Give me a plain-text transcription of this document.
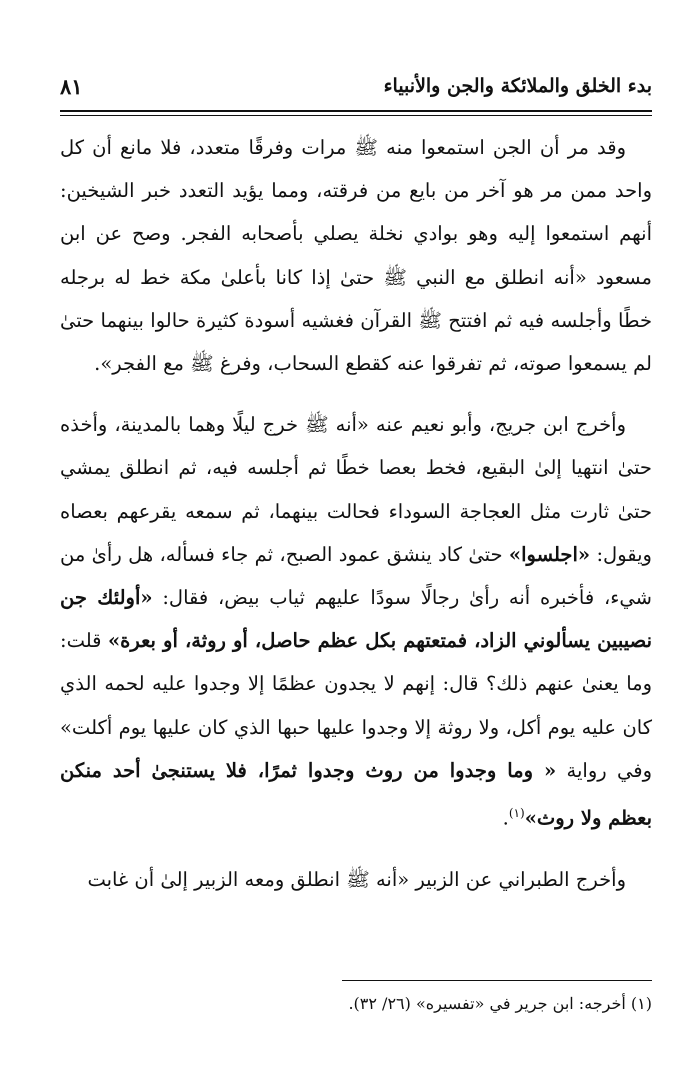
بدء الخلق والملائكة والجن والأنبياء
٨١

وقد مر أن الجن استمعوا منه ﷺ مرات وفرقًا متعدد، فلا مانع أن كل واحد ممن مر هو آخر من بايع من فرقته، ومما يؤيد التعدد خبر الشيخين: أنهم استمعوا إليه وهو بوادي نخلة يصلي بأصحابه الفجر. وصح عن ابن مسعود «أنه انطلق مع النبي ﷺ حتىٰ إذا كانا بأعلىٰ مكة خط له برجله خطًا وأجلسه فيه ثم افتتح ﷺ القرآن فغشيه أسودة كثيرة حالوا بينهما حتىٰ لم يسمعوا صوته، ثم تفرقوا عنه كقطع السحاب، وفرغ ﷺ مع الفجر».

وأخرج ابن جريج، وأبو نعيم عنه «أنه ﷺ خرج ليلًا وهما بالمدينة، وأخذه حتىٰ انتهيا إلىٰ البقيع، فخط بعصا خطًا ثم أجلسه فيه، ثم انطلق يمشي حتىٰ ثارت مثل العجاجة السوداء فحالت بينهما، ثم سمعه يقرعهم بعصاه ويقول: «اجلسوا» حتىٰ كاد ينشق عمود الصبح، ثم جاء فسأله، هل رأىٰ من شيء، فأخبره أنه رأىٰ رجالًا سودًا عليهم ثياب بيض، فقال: «أولئك جن نصيبين يسألوني الزاد، فمتعتهم بكل عظم حاصل، أو روثة، أو بعرة» قلت: وما يعنىٰ عنهم ذلك؟ قال: إنهم لا يجدون عظمًا إلا وجدوا عليه لحمه الذي كان عليه يوم أكل، ولا روثة إلا وجدوا عليها حبها الذي كان عليها يوم أكلت» وفي رواية « وما وجدوا من روث وجدوا ثمرًا، فلا يستنجىٰ أحد منكن بعظم ولا روث»$^{(١)}$.

وأخرج الطبراني عن الزبير «أنه ﷺ انطلق ومعه الزبير إلىٰ أن غابت

(١) أخرجه: ابن جرير في «تفسيره» (٢٦/ ٣٢).
